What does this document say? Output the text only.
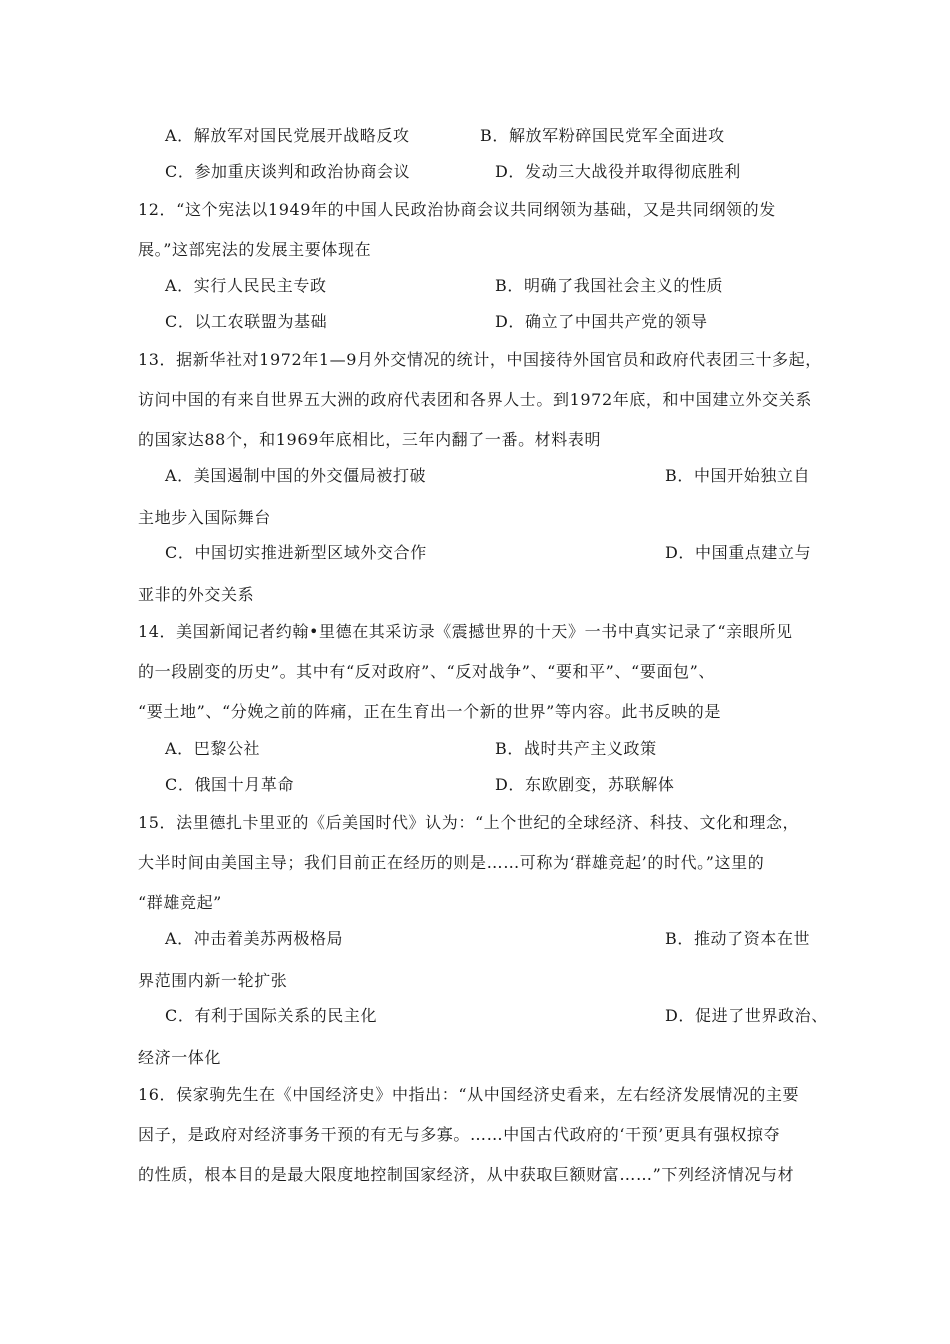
A．解放军对国民党展开战略反攻	B．解放军粉碎国民党军全面进攻
C．参加重庆谈判和政治协商会议	D．发动三大战役并取得彻底胜利
12．“这个宪法以1949年的中国人民政治协商会议共同纲领为基础，又是共同纲领的发
展。”这部宪法的发展主要体现在
A．实行人民民主专政	B．明确了我国社会主义的性质
C．以工农联盟为基础	D．确立了中国共产党的领导
13．据新华社对1972年1—9月外交情况的统计，中国接待外国官员和政府代表团三十多起，
访问中国的有来自世界五大洲的政府代表团和各界人士。到1972年底，和中国建立外交关系
的国家达88个，和1969年底相比，三年内翻了一番。材料表明
A．美国遏制中国的外交僵局被打破	B．中国开始独立自
主地步入国际舞台
C．中国切实推进新型区域外交合作	D．中国重点建立与
亚非的外交关系
14．美国新闻记者约翰•里德在其采访录《震撼世界的十天》一书中真实记录了“亲眼所见
的一段剧变的历史”。其中有“反对政府”、“反对战争”、“要和平”、“要面包”、
“要土地”、“分娩之前的阵痛，正在生育出一个新的世界”等内容。此书反映的是
A．巴黎公社	B．战时共产主义政策
C．俄国十月革命	D．东欧剧变，苏联解体
15．法里德扎卡里亚的《后美国时代》认为：“上个世纪的全球经济、科技、文化和理念，
大半时间由美国主导；我们目前正在经历的则是……可称为‘群雄竞起’的时代。”这里的
“群雄竞起”
A．冲击着美苏两极格局	B．推动了资本在世
界范围内新一轮扩张
C．有利于国际关系的民主化	D．促进了世界政治、
经济一体化
16．侯家驹先生在《中国经济史》中指出：“从中国经济史看来，左右经济发展情况的主要
因子，是政府对经济事务干预的有无与多寡。……中国古代政府的‘干预’更具有强权掠夺
的性质，根本目的是最大限度地控制国家经济，从中获取巨额财富……”下列经济情况与材
